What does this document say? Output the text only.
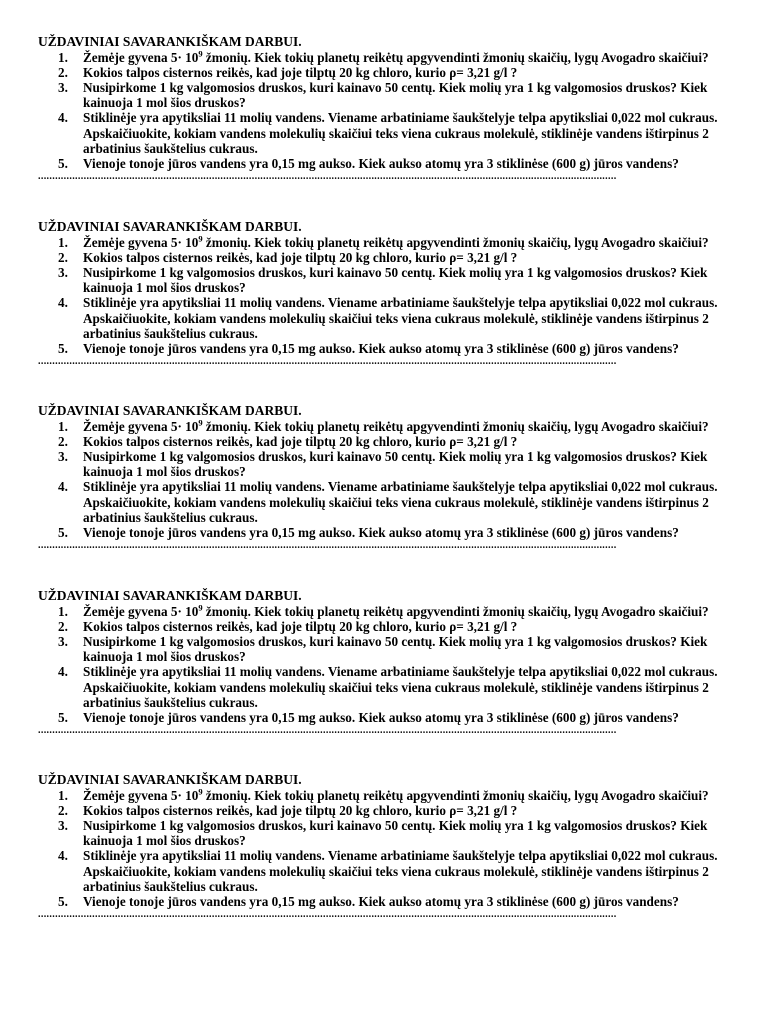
UŽDAVINIAI SAVARANKIŠKAM DARBUI.
1. Žemėje gyvena $5\cdot 10^9$ žmonių. Kiek tokių planetų reikėtų apgyvendinti žmonių skaičių, lygų Avogadro skaičiui?
2. Kokios talpos cisternos reikės, kad joje tilptų 20 kg chloro, kurio ρ= 3,21 g/l ?
3. Nusipirkome 1 kg valgomosios druskos, kuri kainavo 50 centų. Kiek molių yra 1 kg valgomosios druskos? Kiek kainuoja 1 mol šios druskos?
4. Stiklinėje yra apytiksliai 11 molių vandens. Viename arbatiniame šaukštelyje telpa apytiksliai 0,022 mol cukraus. Apskaičiuokite, kokiam vandens molekulių skaičiui teks viena cukraus molekulė, stiklinėje vandens ištirpinus 2 arbatinius šaukštelius cukraus.
5. Vienoje tonoje jūros vandens yra 0,15 mg aukso. Kiek aukso atomų yra 3 stiklinėse (600 g) jūros vandens?
...........................................................................................................................................................................................................
UŽDAVINIAI SAVARANKIŠKAM DARBUI.
1. Žemėje gyvena $5\cdot 10^9$ žmonių. Kiek tokių planetų reikėtų apgyvendinti žmonių skaičių, lygų Avogadro skaičiui?
2. Kokios talpos cisternos reikės, kad joje tilptų 20 kg chloro, kurio ρ= 3,21 g/l ?
3. Nusipirkome 1 kg valgomosios druskos, kuri kainavo 50 centų. Kiek molių yra 1 kg valgomosios druskos? Kiek kainuoja 1 mol šios druskos?
4. Stiklinėje yra apytiksliai 11 molių vandens. Viename arbatiniame šaukštelyje telpa apytiksliai 0,022 mol cukraus. Apskaičiuokite, kokiam vandens molekulių skaičiui teks viena cukraus molekulė, stiklinėje vandens ištirpinus 2 arbatinius šaukštelius cukraus.
5. Vienoje tonoje jūros vandens yra 0,15 mg aukso. Kiek aukso atomų yra 3 stiklinėse (600 g) jūros vandens?
...........................................................................................................................................................................................................
UŽDAVINIAI SAVARANKIŠKAM DARBUI.
1. Žemėje gyvena $5\cdot 10^9$ žmonių. Kiek tokių planetų reikėtų apgyvendinti žmonių skaičių, lygų Avogadro skaičiui?
2. Kokios talpos cisternos reikės, kad joje tilptų 20 kg chloro, kurio ρ= 3,21 g/l ?
3. Nusipirkome 1 kg valgomosios druskos, kuri kainavo 50 centų. Kiek molių yra 1 kg valgomosios druskos? Kiek kainuoja 1 mol šios druskos?
4. Stiklinėje yra apytiksliai 11 molių vandens. Viename arbatiniame šaukštelyje telpa apytiksliai 0,022 mol cukraus. Apskaičiuokite, kokiam vandens molekulių skaičiui teks viena cukraus molekulė, stiklinėje vandens ištirpinus 2 arbatinius šaukštelius cukraus.
5. Vienoje tonoje jūros vandens yra 0,15 mg aukso. Kiek aukso atomų yra 3 stiklinėse (600 g) jūros vandens?
...........................................................................................................................................................................................................
UŽDAVINIAI SAVARANKIŠKAM DARBUI.
1. Žemėje gyvena $5\cdot 10^9$ žmonių. Kiek tokių planetų reikėtų apgyvendinti žmonių skaičių, lygų Avogadro skaičiui?
2. Kokios talpos cisternos reikės, kad joje tilptų 20 kg chloro, kurio ρ= 3,21 g/l ?
3. Nusipirkome 1 kg valgomosios druskos, kuri kainavo 50 centų. Kiek molių yra 1 kg valgomosios druskos? Kiek kainuoja 1 mol šios druskos?
4. Stiklinėje yra apytiksliai 11 molių vandens. Viename arbatiniame šaukštelyje telpa apytiksliai 0,022 mol cukraus. Apskaičiuokite, kokiam vandens molekulių skaičiui teks viena cukraus molekulė, stiklinėje vandens ištirpinus 2 arbatinius šaukštelius cukraus.
5. Vienoje tonoje jūros vandens yra 0,15 mg aukso. Kiek aukso atomų yra 3 stiklinėse (600 g) jūros vandens?
...........................................................................................................................................................................................................
UŽDAVINIAI SAVARANKIŠKAM DARBUI.
1. Žemėje gyvena $5\cdot 10^9$ žmonių. Kiek tokių planetų reikėtų apgyvendinti žmonių skaičių, lygų Avogadro skaičiui?
2. Kokios talpos cisternos reikės, kad joje tilptų 20 kg chloro, kurio ρ= 3,21 g/l ?
3. Nusipirkome 1 kg valgomosios druskos, kuri kainavo 50 centų. Kiek molių yra 1 kg valgomosios druskos? Kiek kainuoja 1 mol šios druskos?
4. Stiklinėje yra apytiksliai 11 molių vandens. Viename arbatiniame šaukštelyje telpa apytiksliai 0,022 mol cukraus. Apskaičiuokite, kokiam vandens molekulių skaičiui teks viena cukraus molekulė, stiklinėje vandens ištirpinus 2 arbatinius šaukštelius cukraus.
5. Vienoje tonoje jūros vandens yra 0,15 mg aukso. Kiek aukso atomų yra 3 stiklinėse (600 g) jūros vandens?
...........................................................................................................................................................................................................
